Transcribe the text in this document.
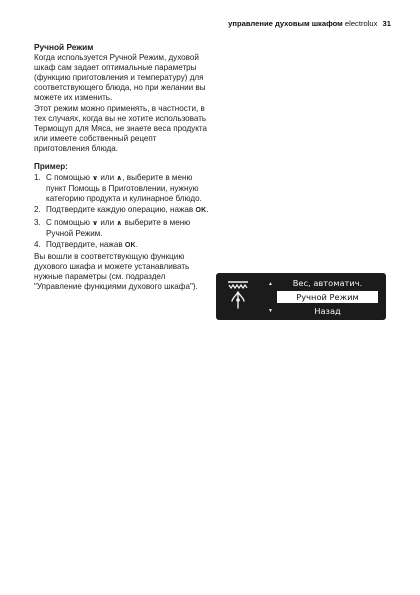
управление духовым шкафом electrolux 31
Ручной Режим

Когда используется Ручной Режим, духовой шкаф сам задает оптимальные параметры (функцию приготовления и температуру) для соответствующего блюда, но при желании вы можете их изменить.

Этот режим можно применять, в частности, в тех случаях, когда вы не хотите использовать Термощуп для Мяса, не знаете веса продукта или имеете собственный рецепт приготовления блюда.

Пример:
1. С помощью ∨ или ∧, выберите в меню пункт Помощь в Приготовлении, нужную категорию продукта и кулинарное блюдо.
2. Подтвердите каждую операцию, нажав OK.
3. С помощью ∨ или ∧ выберите в меню Ручной Режим.
4. Подтвердите, нажав OK.

Вы вошли в соответствующую функцию духового шкафа и можете устанавливать нужные параметры (см. подраздел "Управление функциями духового шкафа").	▲	Вес, автоматич.
Ручной Режим
Назад
▼
